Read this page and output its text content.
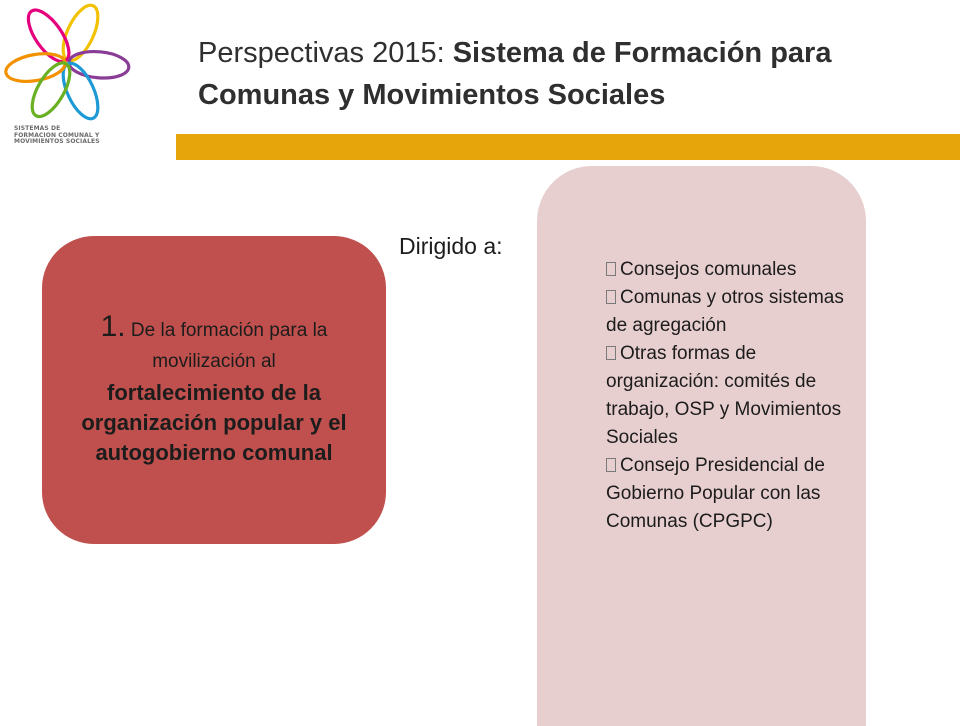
SISTEMAS DE
FORMACION COMUNAL Y
MOVIMIENTOS SOCIALES
Perspectivas 2015: Sistema de Formación para Comunas y Movimientos Sociales
1. De la formación para la movilización al
fortalecimiento de la organización popular y el autogobierno comunal
Dirigido a:
Consejos comunales
Comunas y otros sistemas de agregación
Otras formas de organización: comités de trabajo, OSP y Movimientos Sociales
Consejo Presidencial de Gobierno Popular con las Comunas (CPGPC)
